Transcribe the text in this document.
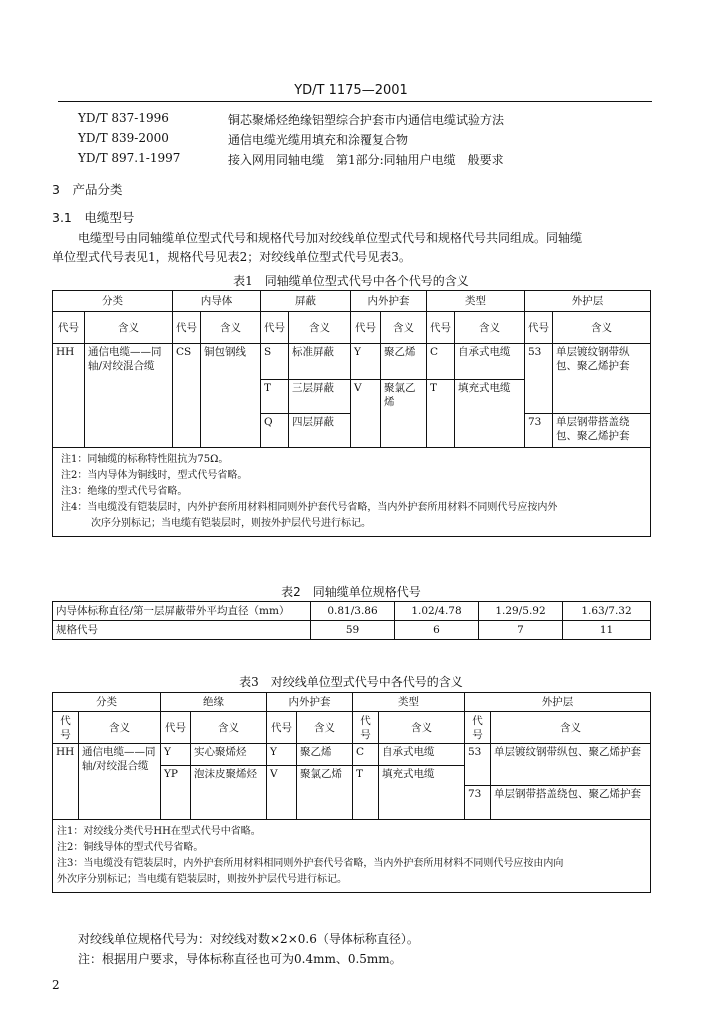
YD/T 1175—2001
YD/T 837-1996	铜芯聚烯烃绝缘铝塑综合护套市内通信电缆试验方法
YD/T 839-2000	通信电缆光缆用填充和涂覆复合物
YD/T 897.1-1997	接入网用同轴电缆　第1部分:同轴用户电缆　般要求
3　产品分类
3.1　电缆型号
电缆型号由同轴缆单位型式代号和规格代号加对绞线单位型式代号和规格代号共同组成。同轴缆
单位型式代号表见1，规格代号见表2；对绞线单位型式代号见表3。
表1　同轴缆单位型式代号中各个代号的含义
分类		内导体		屏蔽		内外护套		类型		外护层	
代号	含义	代号	含义	代号	含义	代号	含义	代号	含义	代号	含义
HH	通信电缆——同轴/对绞混合缆	CS	铜包钢线	S	标准屏蔽	Y	聚乙烯	C	自承式电缆	53	单层镀纹钢带纵包、聚乙烯护套
				T	三层屏蔽	V	聚氯乙烯	T	填充式电缆		
				Q	四层屏蔽					73	单层钢带搭盖绕包、聚乙烯护套

注1：同轴缆的标称特性阻抗为75Ω。
注2：当内导体为铜线时，型式代号省略。
注3：绝缘的型式代号省略。
注4：当电缆没有铠装层时，内外护套所用材料相同则外护套代号省略，当内外护套所用材料不同则代号应按内外
　　　次序分别标记；当电缆有铠装层时，则按外护层代号进行标记。											
表2　同轴缆单位规格代号
内导体标称直径/第一层屏蔽带外平均直径（mm）	0.81/3.86	1.02/4.78	1.29/5.92	1.63/7.32
规格代号	59	6	7	11
表3　对绞线单位型式代号中各代号的含义
分类		绝缘		内外护套		类型		外护层	
代号	含义	代号	含义	代号	含义	代号	含义	代号	含义
HH	通信电缆——同轴/对绞混合缆	Y	实心聚烯烃	Y	聚乙烯	C	自承式电缆	53	单层镀纹钢带纵包、聚乙烯护套
		YP	泡沫皮聚烯烃	V	聚氯乙烯	T	填充式电缆		
								73	单层钢带搭盖绕包、聚乙烯护套

注1：对绞线分类代号HH在型式代号中省略。
注2：铜线导体的型式代号省略。
注3：当电缆没有铠装层时，内外护套所用材料相同则外护套代号省略，当内外护套所用材料不同则代号应按由内向
外次序分别标记；当电缆有铠装层时，则按外护层代号进行标记。									
对绞线单位规格代号为：对绞线对数×2×0.6（导体标称直径）。
注：根据用户要求，导体标称直径也可为0.4mm、0.5mm。
2
